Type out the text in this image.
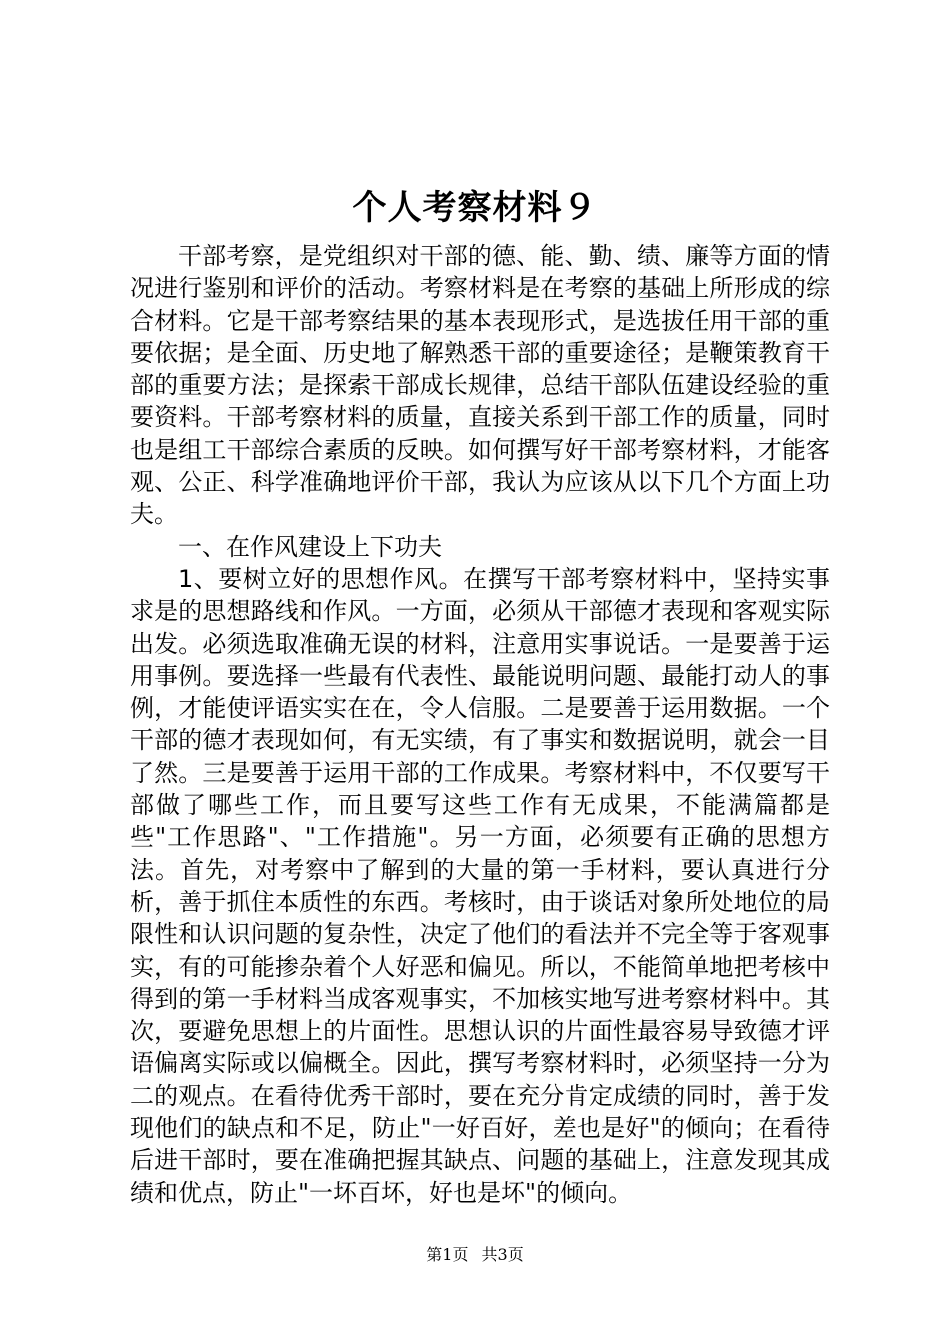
个人考察材料９

干部考察，是党组织对干部的德、能、勤、绩、廉等方面的情况进行鉴别和评价的活动。考察材料是在考察的基础上所形成的综合材料。它是干部考察结果的基本表现形式，是选拔任用干部的重要依据；是全面、历史地了解熟悉干部的重要途径；是鞭策教育干部的重要方法；是探索干部成长规律，总结干部队伍建设经验的重要资料。干部考察材料的质量，直接关系到干部工作的质量，同时也是组工干部综合素质的反映。如何撰写好干部考察材料，才能客观、公正、科学准确地评价干部，我认为应该从以下几个方面上功夫。

一、在作风建设上下功夫

1、要树立好的思想作风。在撰写干部考察材料中，坚持实事求是的思想路线和作风。一方面，必须从干部德才表现和客观实际出发。必须选取准确无误的材料，注意用实事说话。一是要善于运用事例。要选择一些最有代表性、最能说明问题、最能打动人的事例，才能使评语实实在在，令人信服。二是要善于运用数据。一个干部的德才表现如何，有无实绩，有了事实和数据说明，就会一目了然。三是要善于运用干部的工作成果。考察材料中，不仅要写干部做了哪些工作，而且要写这些工作有无成果，不能满篇都是些"工作思路"、"工作措施"。另一方面，必须要有正确的思想方法。首先，对考察中了解到的大量的第一手材料，要认真进行分析，善于抓住本质性的东西。考核时，由于谈话对象所处地位的局限性和认识问题的复杂性，决定了他们的看法并不完全等于客观事实，有的可能掺杂着个人好恶和偏见。所以，不能简单地把考核中得到的第一手材料当成客观事实，不加核实地写进考察材料中。其次，要避免思想上的片面性。思想认识的片面性最容易导致德才评语偏离实际或以偏概全。因此，撰写考察材料时，必须坚持一分为二的观点。在看待优秀干部时，要在充分肯定成绩的同时，善于发现他们的缺点和不足，防止"一好百好，差也是好"的倾向；在看待后进干部时，要在准确把握其缺点、问题的基础上，注意发现其成绩和优点，防止"一坏百坏，好也是坏"的倾向。

第1页 共3页
